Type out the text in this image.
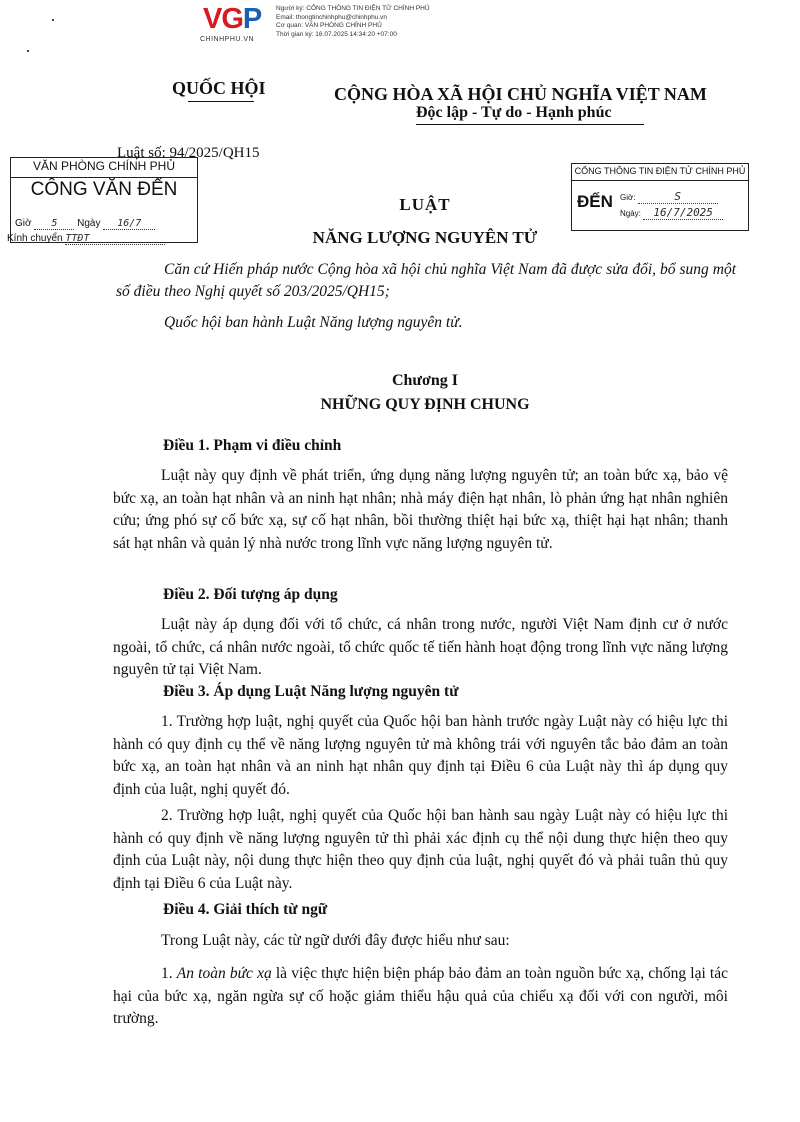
VGP
CHINHPHU.VN
Người ký: CỔNG THÔNG TIN ĐIỆN TỬ CHÍNH PHỦ
Email: thongtinchinhphu@chinhphu.vn
Cơ quan: VĂN PHÒNG CHÍNH PHỦ
Thời gian ký: 16.07.2025 14:34:20 +07:00
QUỐC HỘI	CỘNG HÒA XÃ HỘI CHỦ NGHĨA VIỆT NAM
Độc lập - Tự do - Hạnh phúc
Luật số: 94/2025/QH15
VĂN PHÒNG CHÍNH PHỦ
CÔNG VĂN ĐẾN
Giờ 5 Ngày 16/7
Kính chuyển TTĐT
CỔNG THÔNG TIN ĐIỆN TỬ CHÍNH PHỦ
ĐẾN Giờ:	S
Ngày: 16/7/2025
LUẬT
NĂNG LƯỢNG NGUYÊN TỬ
Căn cứ Hiến pháp nước Cộng hòa xã hội chủ nghĩa Việt Nam đã được sửa đổi, bổ sung một số điều theo Nghị quyết số 203/2025/QH15;
Quốc hội ban hành Luật Năng lượng nguyên tử.
Chương I
NHỮNG QUY ĐỊNH CHUNG
Điều 1. Phạm vi điều chỉnh
Luật này quy định về phát triển, ứng dụng năng lượng nguyên tử; an toàn bức xạ, bảo vệ bức xạ, an toàn hạt nhân và an ninh hạt nhân; nhà máy điện hạt nhân, lò phản ứng hạt nhân nghiên cứu; ứng phó sự cố bức xạ, sự cố hạt nhân, bồi thường thiệt hại bức xạ, thiệt hại hạt nhân; thanh sát hạt nhân và quản lý nhà nước trong lĩnh vực năng lượng nguyên tử.
Điều 2. Đối tượng áp dụng
Luật này áp dụng đối với tổ chức, cá nhân trong nước, người Việt Nam định cư ở nước ngoài, tổ chức, cá nhân nước ngoài, tổ chức quốc tế tiến hành hoạt động trong lĩnh vực năng lượng nguyên tử tại Việt Nam.
Điều 3. Áp dụng Luật Năng lượng nguyên tử
1. Trường hợp luật, nghị quyết của Quốc hội ban hành trước ngày Luật này có hiệu lực thi hành có quy định cụ thể về năng lượng nguyên tử mà không trái với nguyên tắc bảo đảm an toàn bức xạ, an toàn hạt nhân và an ninh hạt nhân quy định tại Điều 6 của Luật này thì áp dụng quy định của luật, nghị quyết đó.
2. Trường hợp luật, nghị quyết của Quốc hội ban hành sau ngày Luật này có hiệu lực thi hành có quy định về năng lượng nguyên tử thì phải xác định cụ thể nội dung thực hiện theo quy định của Luật này, nội dung thực hiện theo quy định của luật, nghị quyết đó và phải tuân thủ quy định tại Điều 6 của Luật này.
Điều 4. Giải thích từ ngữ
Trong Luật này, các từ ngữ dưới đây được hiểu như sau:
1. An toàn bức xạ là việc thực hiện biện pháp bảo đảm an toàn nguồn bức xạ, chống lại tác hại của bức xạ, ngăn ngừa sự cố hoặc giảm thiểu hậu quả của chiếu xạ đối với con người, môi trường.
